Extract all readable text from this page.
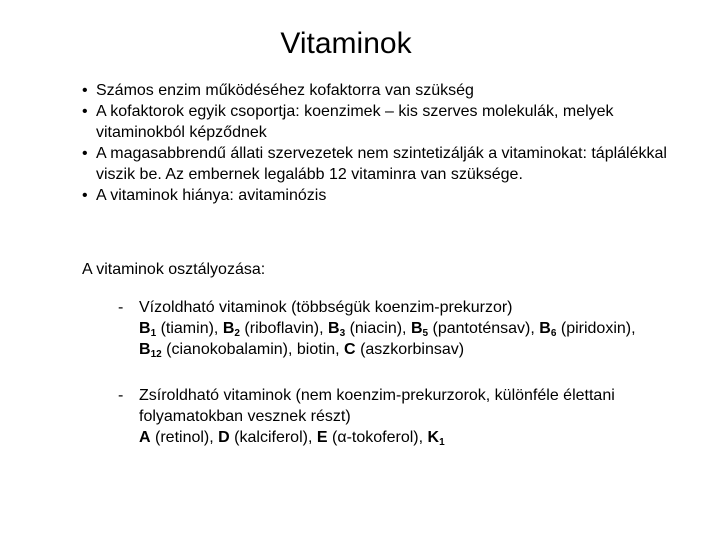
Vitaminok
• Számos enzim működéséhez kofaktorra van szükség
• A kofaktorok egyik csoportja: koenzimek – kis szerves molekulák, melyek vitaminokból képződnek
• A magasabbrendű állati szervezetek nem szintetizálják a vitaminokat: táplálékkal viszik be. Az embernek legalább 12 vitaminra van szüksége.
• A vitaminok hiánya: avitaminózis
A vitaminok osztályozása:
- Vízoldható vitaminok (többségük koenzim-prekurzor)
$B_1$ (tiamin), $B_2$ (riboflavin), $B_3$ (niacin), $B_5$ (pantoténsav), $B_6$ (piridoxin), $B_{12}$ (cianokobalamin), biotin, C (aszkorbinsav)
- Zsíroldható vitaminok (nem koenzim-prekurzorok, különféle élettani folyamatokban vesznek részt)
A (retinol), D (kalciferol), E (α-tokoferol), $K_1$
